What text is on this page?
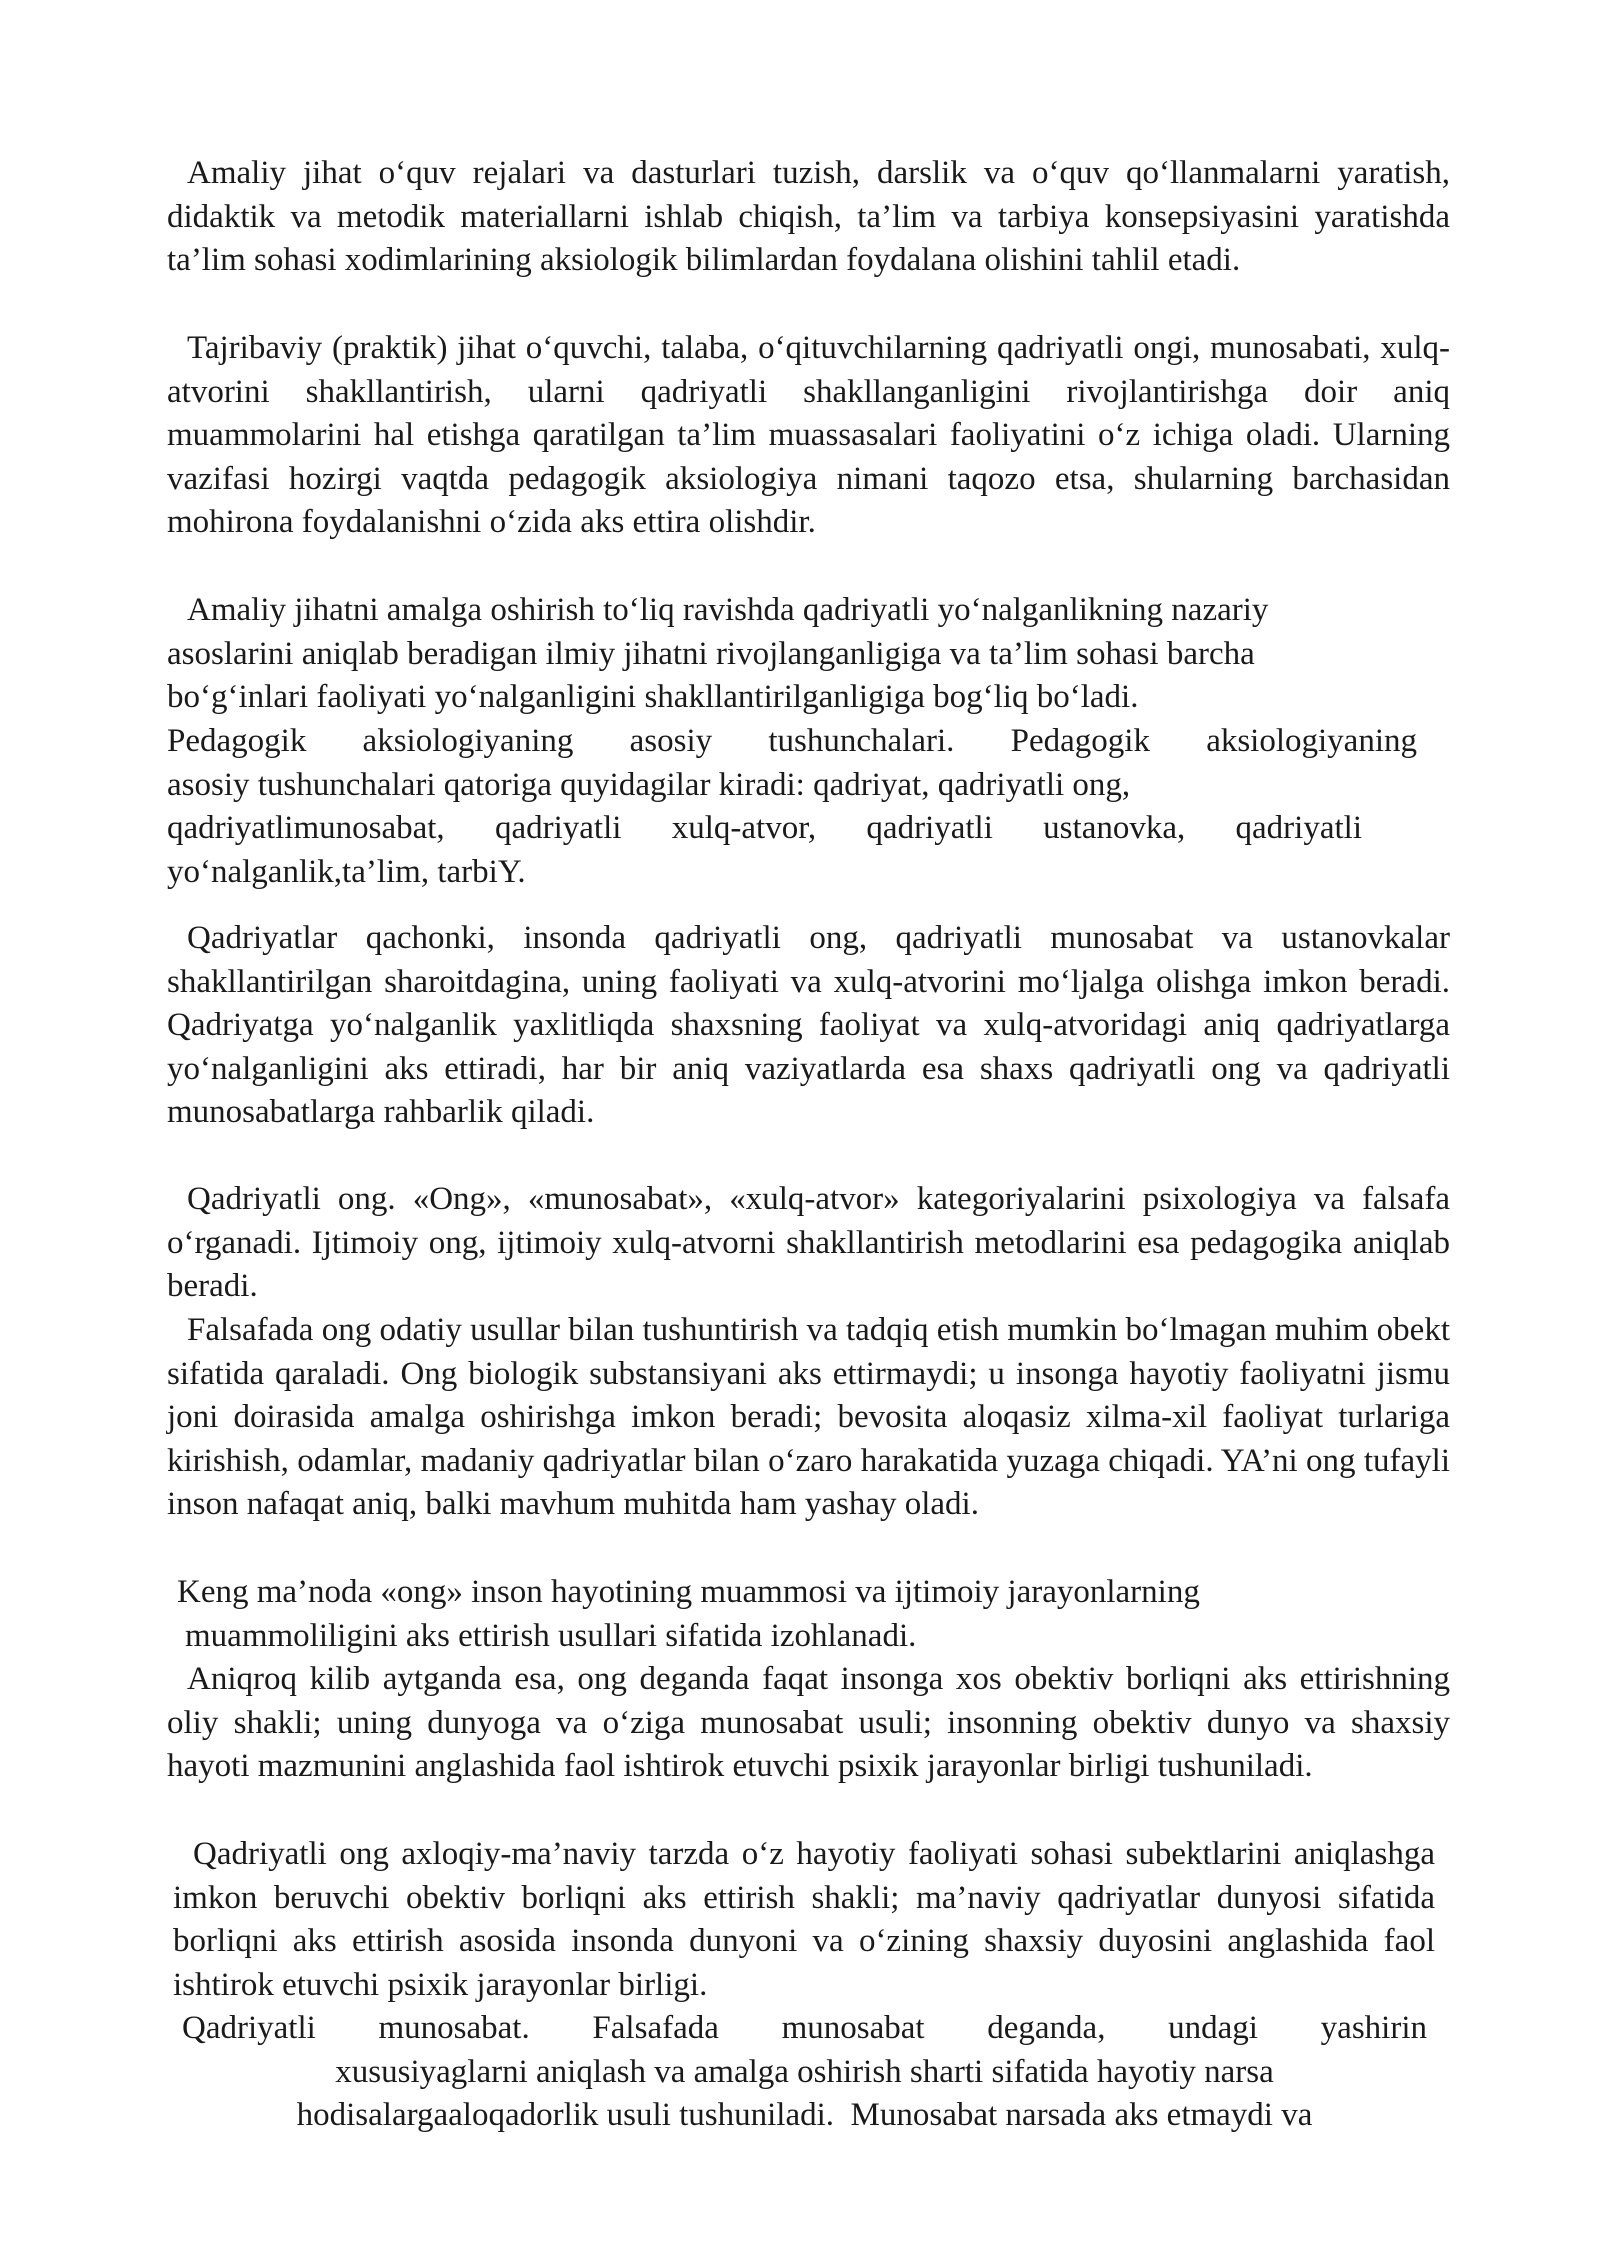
Amaliy jihat o‘quv rejalari va dasturlari tuzish, darslik va o‘quv qo‘llanmalarni yaratish, didaktik va metodik materiallarni ishlab chiqish, ta’lim va tarbiya konsepsiyasini yaratishda ta’lim sohasi xodimlarining aksiologik bilimlardan foydalana olishini tahlil etadi.

Tajribaviy (praktik) jihat o‘quvchi, talaba, o‘qituvchilarning qadriyatli ongi, munosabati, xulq-atvorini shakllantirish, ularni qadriyatli shakllanganligini rivojlantirishga doir aniq muammolarini hal etishga qaratilgan ta’lim muassasalari faoliyatini o‘z ichiga oladi. Ularning vazifasi hozirgi vaqtda pedagogik aksiologiya nimani taqozo etsa, shularning barchasidan mohirona foydalanishni o‘zida aks ettira olishdir.

Amaliy jihatni amalga oshirish to‘liq ravishda qadriyatli yo‘nalganlikning nazariy
asoslarini aniqlab beradigan ilmiy jihatni rivojlanganligiga va ta’lim sohasi barcha
bo‘g‘inlari faoliyati yo‘nalganligini shakllantirilganligiga bog‘liq bo‘ladi.
Pedagogik aksiologiyaning asosiy tushunchalari. Pedagogik aksiologiyaning
asosiy tushunchalari qatoriga quyidagilar kiradi: qadriyat, qadriyatli ong,
qadriyatlimunosabat, qadriyatli xulq-atvor, qadriyatli ustanovka, qadriyatli
yo‘nalganlik,ta’lim, tarbiY.

Qadriyatlar qachonki, insonda qadriyatli ong, qadriyatli munosabat va ustanovkalar shakllantirilgan sharoitdagina, uning faoliyati va xulq-atvorini mo‘ljalga olishga imkon beradi. Qadriyatga yo‘nalganlik yaxlitliqda shaxsning faoliyat va xulq-atvoridagi aniq qadriyatlarga yo‘nalganligini aks ettiradi, har bir aniq vaziyatlarda esa shaxs qadriyatli ong va qadriyatli munosabatlarga rahbarlik qiladi.

Qadriyatli ong. «Ong», «munosabat», «xulq-atvor» kategoriyalarini psixologiya va falsafa o‘rganadi. Ijtimoiy ong, ijtimoiy xulq-atvorni shakllantirish metodlarini esa pedagogika aniqlab beradi.

Falsafada ong odatiy usullar bilan tushuntirish va tadqiq etish mumkin bo‘lmagan muhim obekt sifatida qaraladi. Ong biologik substansiyani aks ettirmaydi; u insonga hayotiy faoliyatni jismu joni doirasida amalga oshirishga imkon beradi; bevosita aloqasiz xilma-xil faoliyat turlariga kirishish, odamlar, madaniy qadriyatlar bilan o‘zaro harakatida yuzaga chiqadi. YA’ni ong tufayli inson nafaqat aniq, balki mavhum muhitda ham yashay oladi.

Keng ma’noda «ong» inson hayotining muammosi va ijtimoiy jarayonlarning
muammoliligini aks ettirish usullari sifatida izohlanadi.

Aniqroq kilib aytganda esa, ong deganda faqat insonga xos obektiv borliqni aks ettirishning oliy shakli; uning dunyoga va o‘ziga munosabat usuli; insonning obektiv dunyo va shaxsiy hayoti mazmunini anglashida faol ishtirok etuvchi psixik jarayonlar birligi tushuniladi.

Qadriyatli ong axloqiy-ma’naviy tarzda o‘z hayotiy faoliyati sohasi subektlarini aniqlashga imkon beruvchi obektiv borliqni aks ettirish shakli; ma’naviy qadriyatlar dunyosi sifatida borliqni aks ettirish asosida insonda dunyoni va o‘zining shaxsiy duyosini anglashida faol ishtirok etuvchi psixik jarayonlar birligi.

Qadriyatli munosabat. Falsafada munosabat deganda, undagi yashirin
xususiyaglarni aniqlash va amalga oshirish sharti sifatida hayotiy narsa
hodisalargaaloqadorlik usuli tushuniladi.  Munosabat narsada aks etmaydi va
